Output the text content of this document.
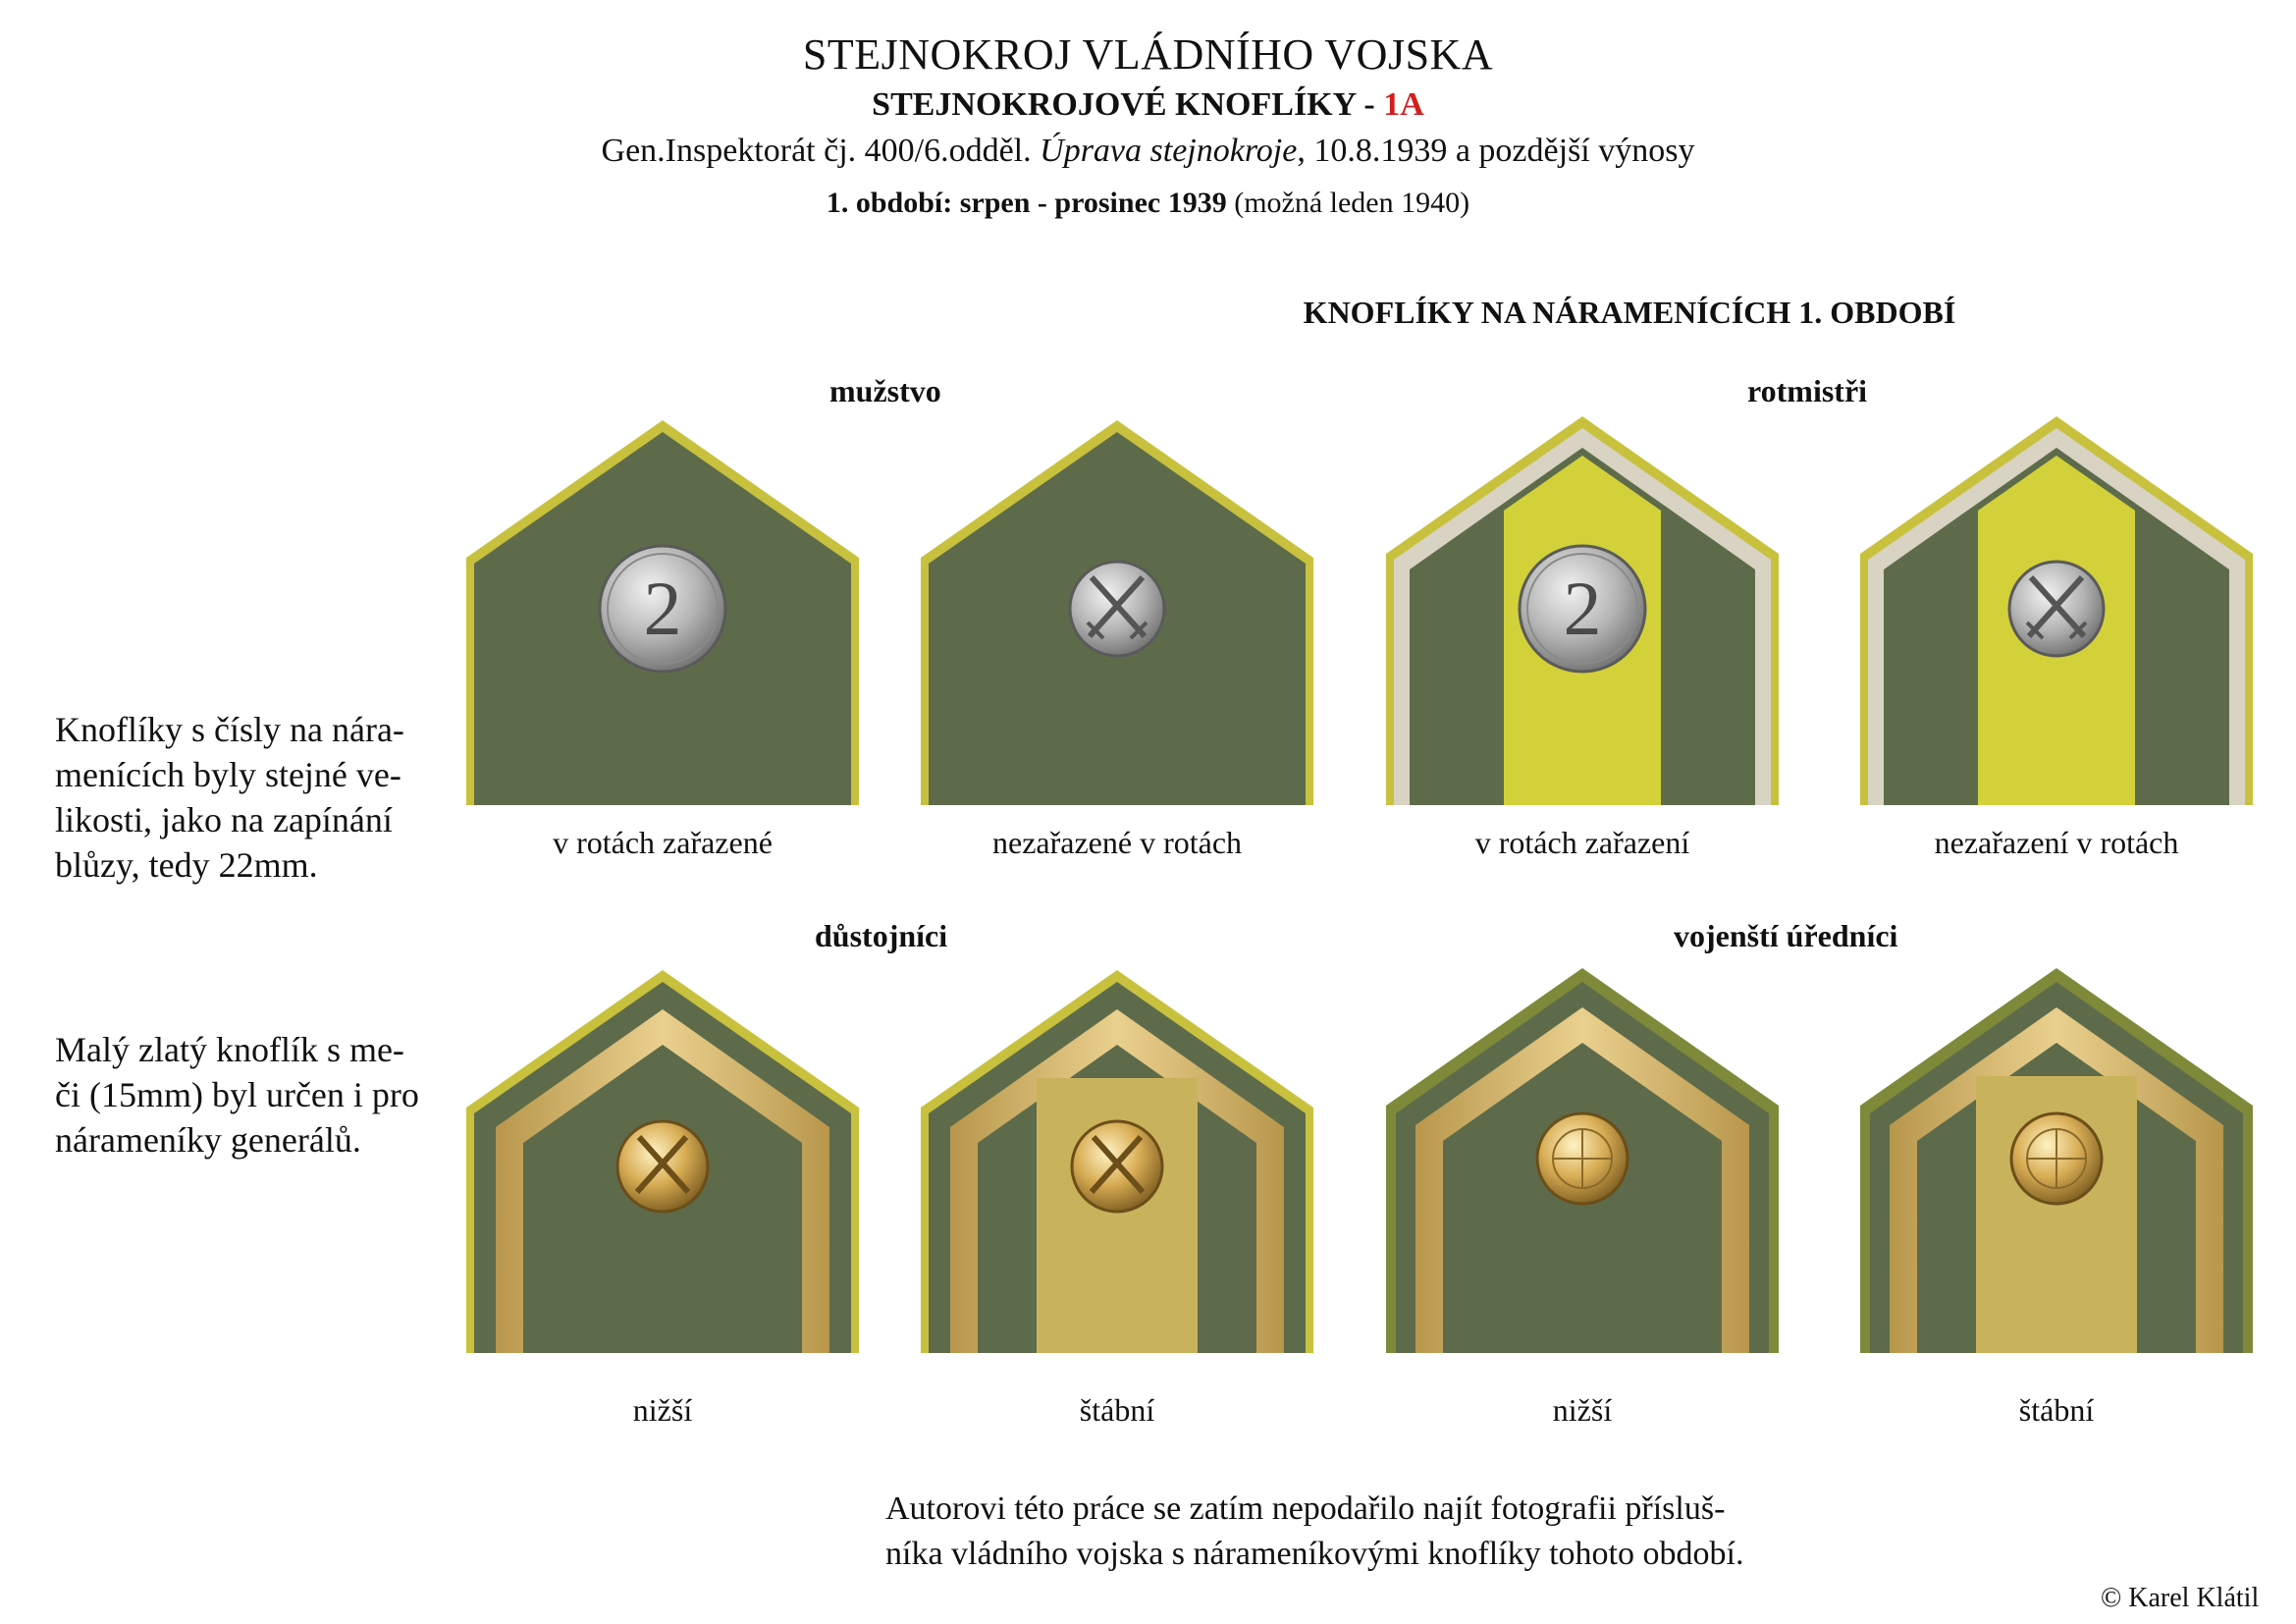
STEJNOKROJ VLÁDNÍHO VOJSKA
STEJNOKROJOVÉ KNOFLÍKY - 1A
Gen.Inspektorát čj. 400/6.odděl. Úprava stejnokroje, 10.8.1939 a pozdější výnosy
1. období: srpen - prosinec 1939 (možná leden 1940)
KNOFLÍKY NA NÁRAMENÍCÍCH 1. OBDOBÍ
mužstvo	rotmistři
důstojníci	vojenští úředníci
2	2
v rotách zařazené	nezařazené v rotách	v rotách zařazení	nezařazení v rotách
nižší	štábní	nižší	štábní
Knoflíky s čísly na nára-
menících byly stejné ve-
likosti, jako na zapínání
blůzy, tedy 22mm.
Malý zlatý knoflík s me-
či (15mm) byl určen i pro
nárameníky generálů.
Autorovi této práce se zatím nepodařilo najít fotografii přísluš-
níka vládního vojska s nárameníkovými knoflíky tohoto období.
© Karel Klátil
